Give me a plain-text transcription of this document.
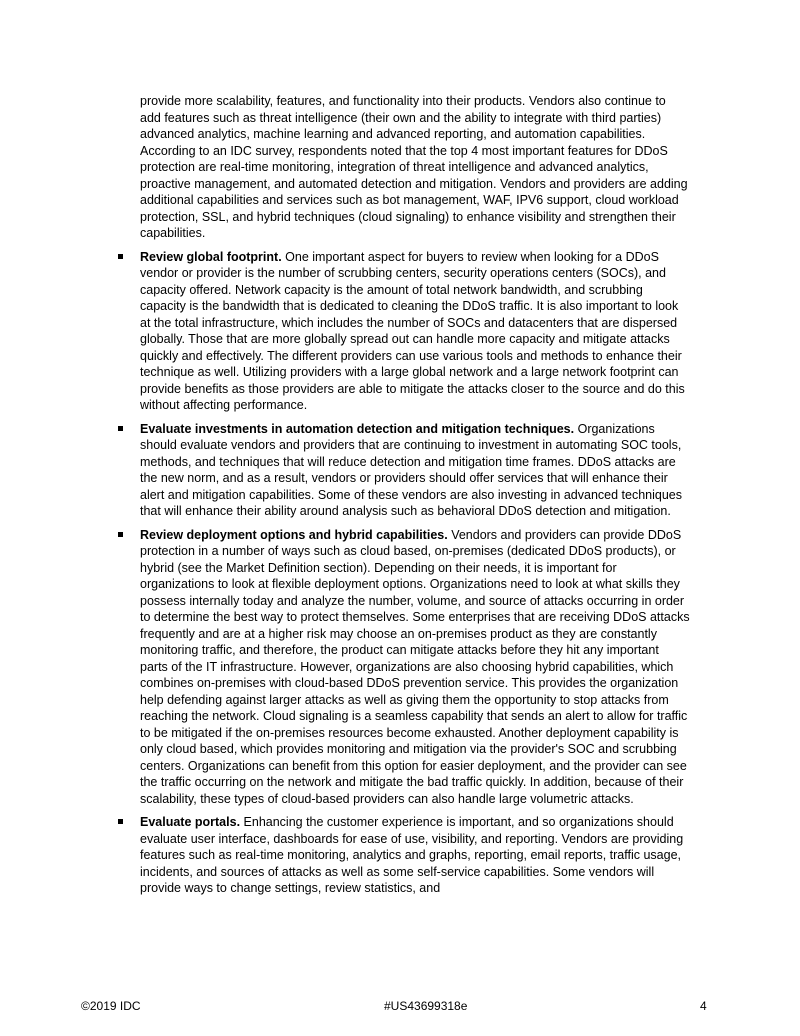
provide more scalability, features, and functionality into their products. Vendors also continue to add features such as threat intelligence (their own and the ability to integrate with third parties) advanced analytics, machine learning and advanced reporting, and automation capabilities. According to an IDC survey, respondents noted that the top 4 most important features for DDoS protection are real-time monitoring, integration of threat intelligence and advanced analytics, proactive management, and automated detection and mitigation. Vendors and providers are adding additional capabilities and services such as bot management, WAF, IPV6 support, cloud workload protection, SSL, and hybrid techniques (cloud signaling) to enhance visibility and strengthen their capabilities.

Review global footprint. One important aspect for buyers to review when looking for a DDoS vendor or provider is the number of scrubbing centers, security operations centers (SOCs), and capacity offered. Network capacity is the amount of total network bandwidth, and scrubbing capacity is the bandwidth that is dedicated to cleaning the DDoS traffic. It is also important to look at the total infrastructure, which includes the number of SOCs and datacenters that are dispersed globally. Those that are more globally spread out can handle more capacity and mitigate attacks quickly and effectively. The different providers can use various tools and methods to enhance their technique as well. Utilizing providers with a large global network and a large network footprint can provide benefits as those providers are able to mitigate the attacks closer to the source and do this without affecting performance.
Evaluate investments in automation detection and mitigation techniques. Organizations should evaluate vendors and providers that are continuing to investment in automating SOC tools, methods, and techniques that will reduce detection and mitigation time frames. DDoS attacks are the new norm, and as a result, vendors or providers should offer services that will enhance their alert and mitigation capabilities. Some of these vendors are also investing in advanced techniques that will enhance their ability around analysis such as behavioral DDoS detection and mitigation.
Review deployment options and hybrid capabilities. Vendors and providers can provide DDoS protection in a number of ways such as cloud based, on-premises (dedicated DDoS products), or hybrid (see the Market Definition section). Depending on their needs, it is important for organizations to look at flexible deployment options. Organizations need to look at what skills they possess internally today and analyze the number, volume, and source of attacks occurring in order to determine the best way to protect themselves. Some enterprises that are receiving DDoS attacks frequently and are at a higher risk may choose an on-premises product as they are constantly monitoring traffic, and therefore, the product can mitigate attacks before they hit any important parts of the IT infrastructure. However, organizations are also choosing hybrid capabilities, which combines on-premises with cloud-based DDoS prevention service. This provides the organization help defending against larger attacks as well as giving them the opportunity to stop attacks from reaching the network. Cloud signaling is a seamless capability that sends an alert to allow for traffic to be mitigated if the on-premises resources become exhausted. Another deployment capability is only cloud based, which provides monitoring and mitigation via the provider's SOC and scrubbing centers. Organizations can benefit from this option for easier deployment, and the provider can see the traffic occurring on the network and mitigate the bad traffic quickly. In addition, because of their scalability, these types of cloud-based providers can also handle large volumetric attacks.
Evaluate portals. Enhancing the customer experience is important, and so organizations should evaluate user interface, dashboards for ease of use, visibility, and reporting. Vendors are providing features such as real-time monitoring, analytics and graphs, reporting, email reports, traffic usage, incidents, and sources of attacks as well as some self-service capabilities. Some vendors will provide ways to change settings, review statistics, and
©2019 IDC	#US43699318e	4
